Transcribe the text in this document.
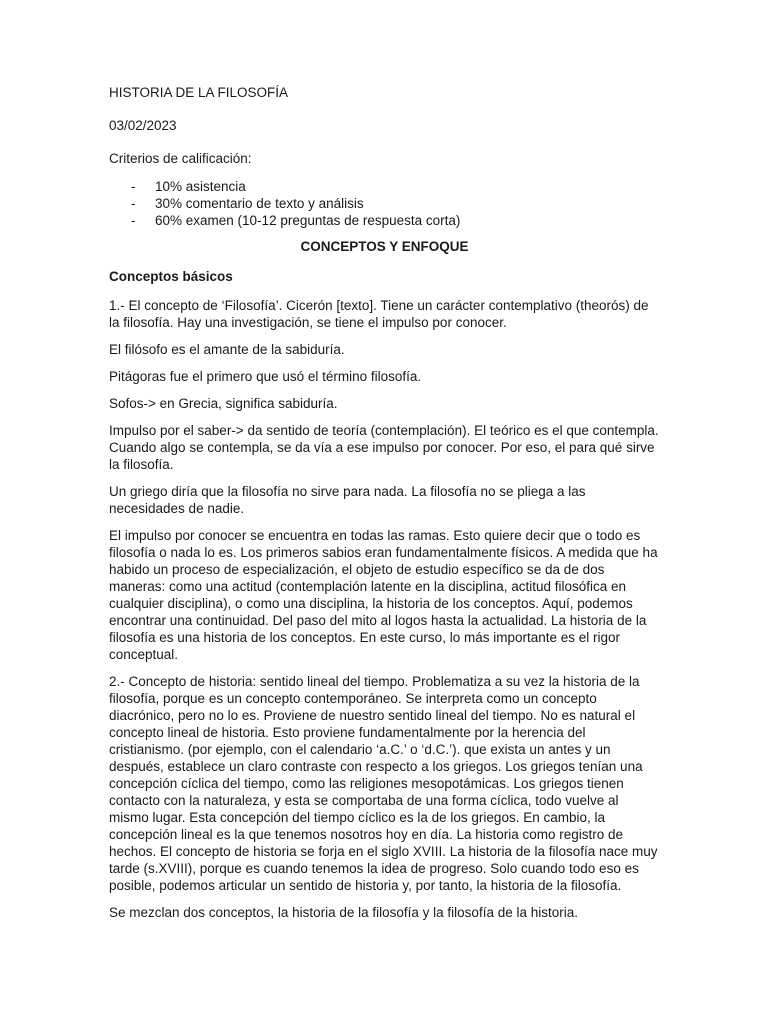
HISTORIA DE LA FILOSOFÍA

03/02/2023

Criterios de calificación:

- 10% asistencia
- 30% comentario de texto y análisis
- 60% examen (10-12 preguntas de respuesta corta)

CONCEPTOS Y ENFOQUE

Conceptos básicos

1.- El concepto de ‘Filosofía’. Cicerón [texto]. Tiene un carácter contemplativo (theorós) de la filosofía. Hay una investigación, se tiene el impulso por conocer.

El filósofo es el amante de la sabiduría.

Pitágoras fue el primero que usó el término filosofía.

Sofos-> en Grecia, significa sabiduría.

Impulso por el saber-> da sentido de teoría (contemplación). El teórico es el que contempla. Cuando algo se contempla, se da vía a ese impulso por conocer. Por eso, el para qué sirve la filosofía.

Un griego diría que la filosofía no sirve para nada. La filosofía no se pliega a las necesidades de nadie.

El impulso por conocer se encuentra en todas las ramas. Esto quiere decir que o todo es filosofía o nada lo es. Los primeros sabios eran fundamentalmente físicos. A medida que ha habido un proceso de especialización, el objeto de estudio específico se da de dos maneras: como una actitud (contemplación latente en la disciplina, actitud filosófica en cualquier disciplina), o como una disciplina, la historia de los conceptos. Aquí, podemos encontrar una continuidad. Del paso del mito al logos hasta la actualidad. La historia de la filosofía es una historia de los conceptos. En este curso, lo más importante es el rigor conceptual.

2.- Concepto de historia: sentido lineal del tiempo. Problematiza a su vez la historia de la filosofía, porque es un concepto contemporáneo. Se interpreta como un concepto diacrónico, pero no lo es. Proviene de nuestro sentido lineal del tiempo. No es natural el concepto lineal de historia. Esto proviene fundamentalmente por la herencia del cristianismo. (por ejemplo, con el calendario ‘a.C.’ o ‘d.C.’). que exista un antes y un después, establece un claro contraste con respecto a los griegos. Los griegos tenían una concepción cíclica del tiempo, como las religiones mesopotámicas. Los griegos tienen contacto con la naturaleza, y esta se comportaba de una forma cíclica, todo vuelve al mismo lugar. Esta concepción del tiempo cíclico es la de los griegos. En cambio, la concepción lineal es la que tenemos nosotros hoy en día. La historia como registro de hechos. El concepto de historia se forja en el siglo XVIII. La historia de la filosofía nace muy tarde (s.XVIII), porque es cuando tenemos la idea de progreso. Solo cuando todo eso es posible, podemos articular un sentido de historia y, por tanto, la historia de la filosofía.

Se mezclan dos conceptos, la historia de la filosofía y la filosofía de la historia.
